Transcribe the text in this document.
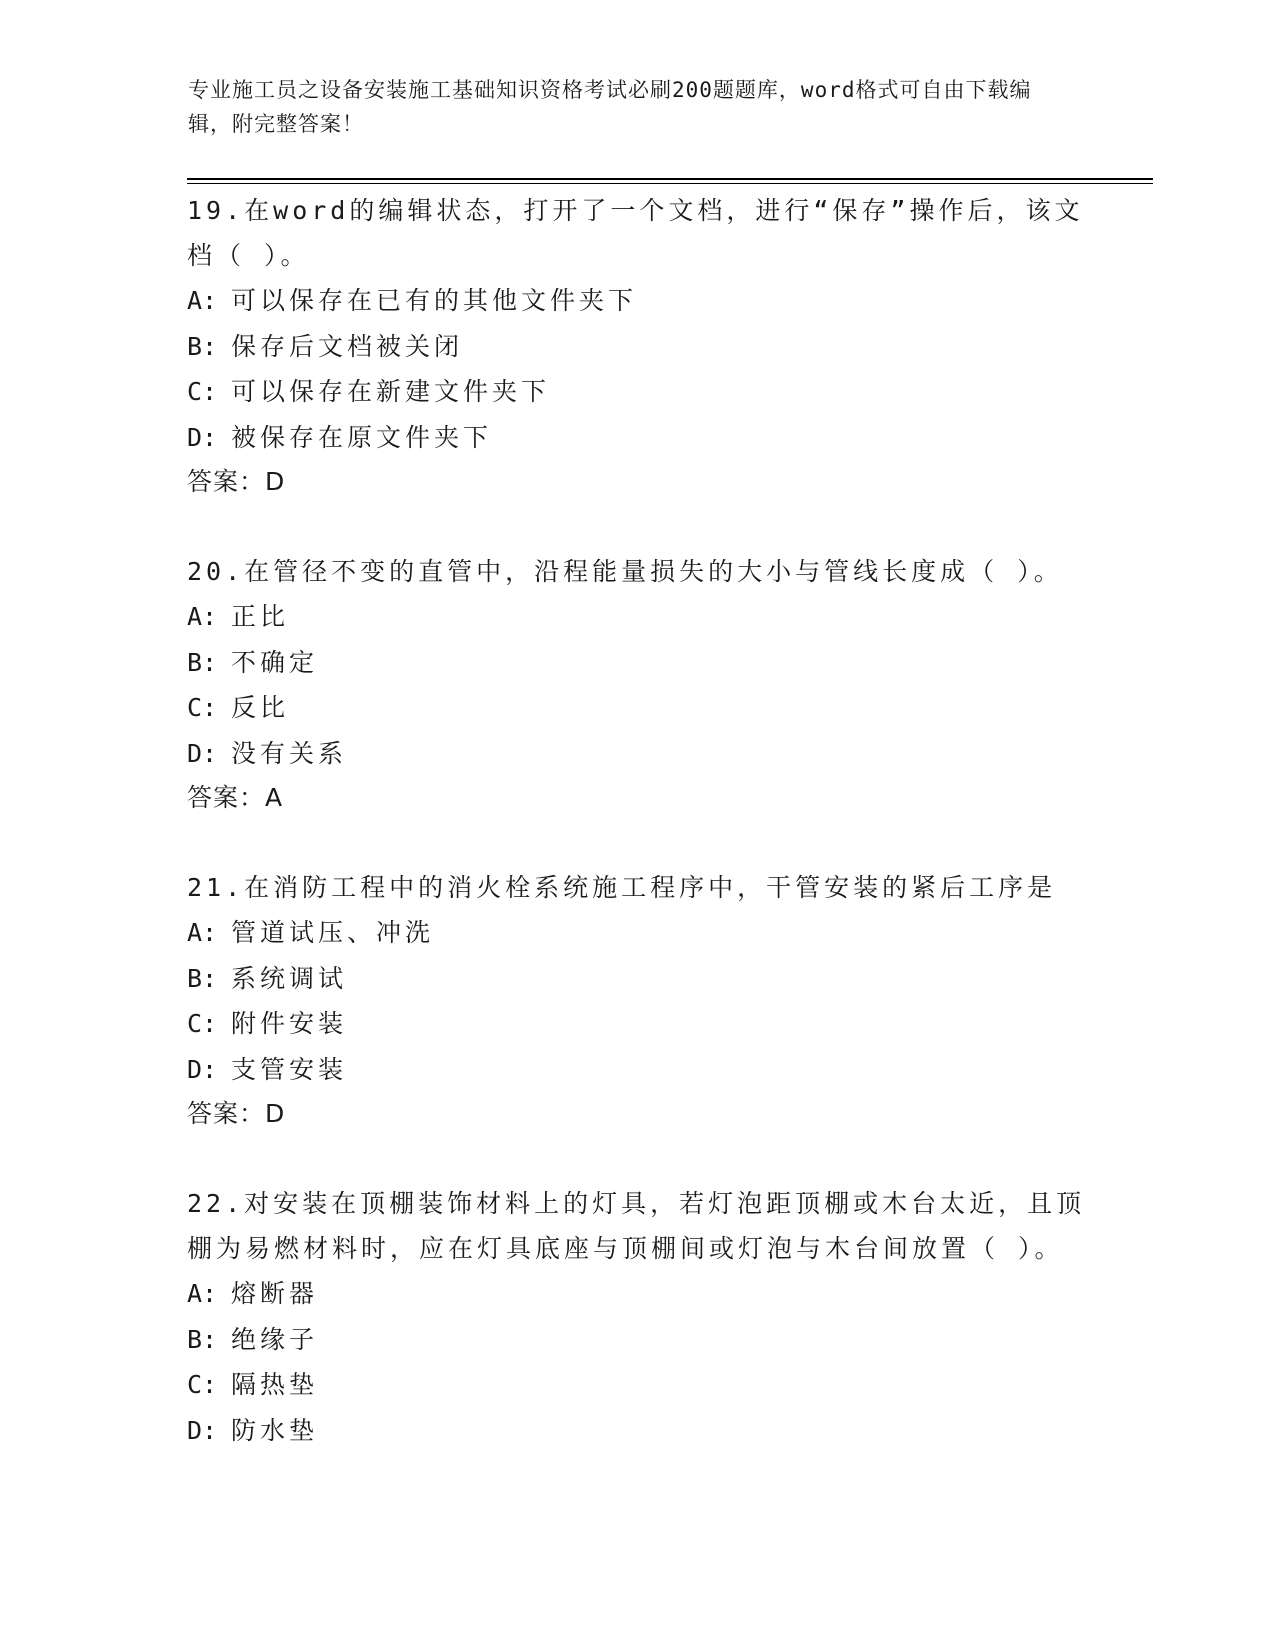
专业施工员之设备安装施工基础知识资格考试必刷200题题库，word格式可自由下载编辑，附完整答案！

19.在word的编辑状态，打开了一个文档，进行“保存”操作后，该文档（ ）。

A: 可以保存在已有的其他文件夹下

B: 保存后文档被关闭

C: 可以保存在新建文件夹下

D: 被保存在原文件夹下

答案：D

20.在管径不变的直管中，沿程能量损失的大小与管线长度成（ ）。

A: 正比

B: 不确定

C: 反比

D: 没有关系

答案：A

21.在消防工程中的消火栓系统施工程序中，干管安装的紧后工序是

A: 管道试压、冲洗

B: 系统调试

C: 附件安装

D: 支管安装

答案：D

22.对安装在顶棚装饰材料上的灯具，若灯泡距顶棚或木台太近，且顶棚为易燃材料时，应在灯具底座与顶棚间或灯泡与木台间放置（ ）。

A: 熔断器

B: 绝缘子

C: 隔热垫

D: 防水垫
